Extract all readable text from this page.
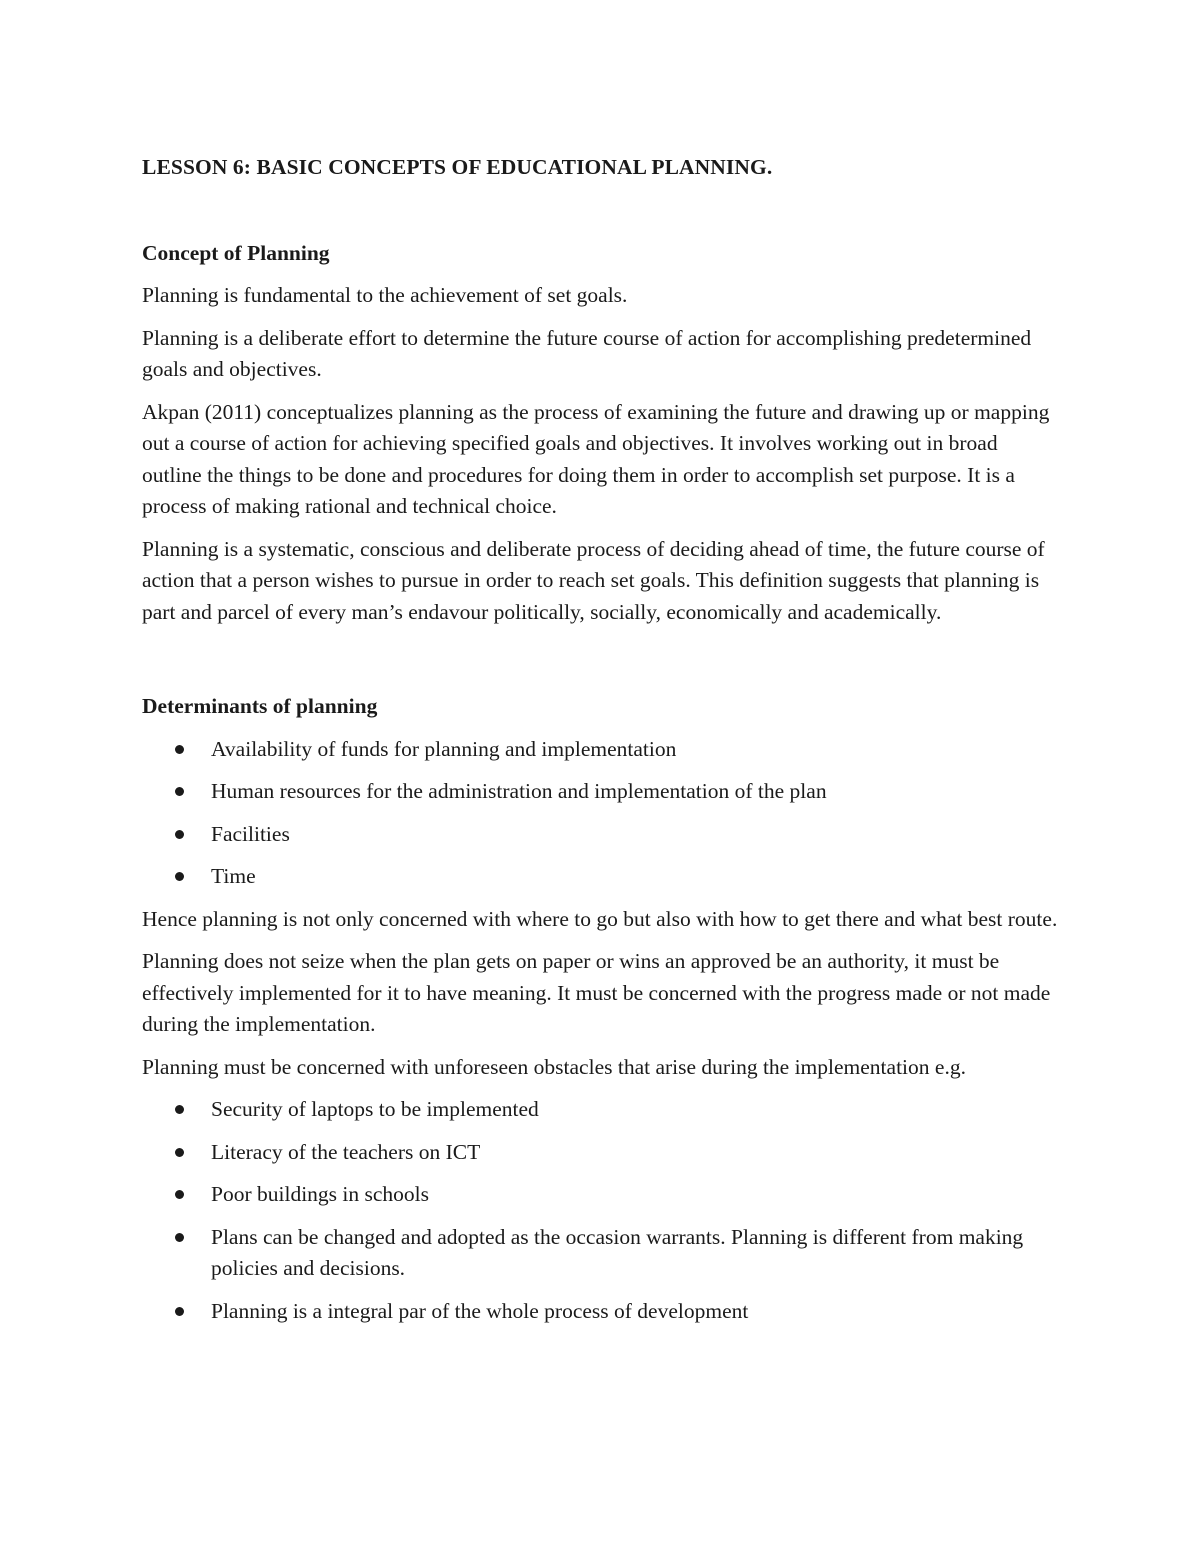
LESSON 6: BASIC CONCEPTS OF EDUCATIONAL PLANNING.

Concept of Planning

Planning is fundamental to the achievement of set goals.

Planning is a deliberate effort to determine the future course of action for accomplishing predetermined goals and objectives.

Akpan (2011) conceptualizes planning as the process of examining the future and drawing up or mapping out a course of action for achieving specified goals and objectives. It involves working out in broad outline the things to be done and procedures for doing them in order to accomplish set purpose. It is a process of making rational and technical choice.

Planning is a systematic, conscious and deliberate process of deciding ahead of time, the future course of action that a person wishes to pursue in order to reach set goals. This definition suggests that planning is part and parcel of every man’s endavour politically, socially, economically and academically.

Determinants of planning

Availability of funds for planning and implementation
Human resources for the administration and implementation of the plan
Facilities
Time

Hence planning is not only concerned with where to go but also with how to get there and what best route.

Planning does not seize when the plan gets on paper or wins an approved be an authority, it must be effectively implemented for it to have meaning. It must be concerned with the progress made or not made during the implementation.

Planning must be concerned with unforeseen obstacles that arise during the implementation e.g.

Security of laptops to be implemented
Literacy of the teachers on ICT
Poor buildings in schools
Plans can be changed and adopted as the occasion warrants. Planning is different from making policies and decisions.
Planning is a integral par of the whole process of development
